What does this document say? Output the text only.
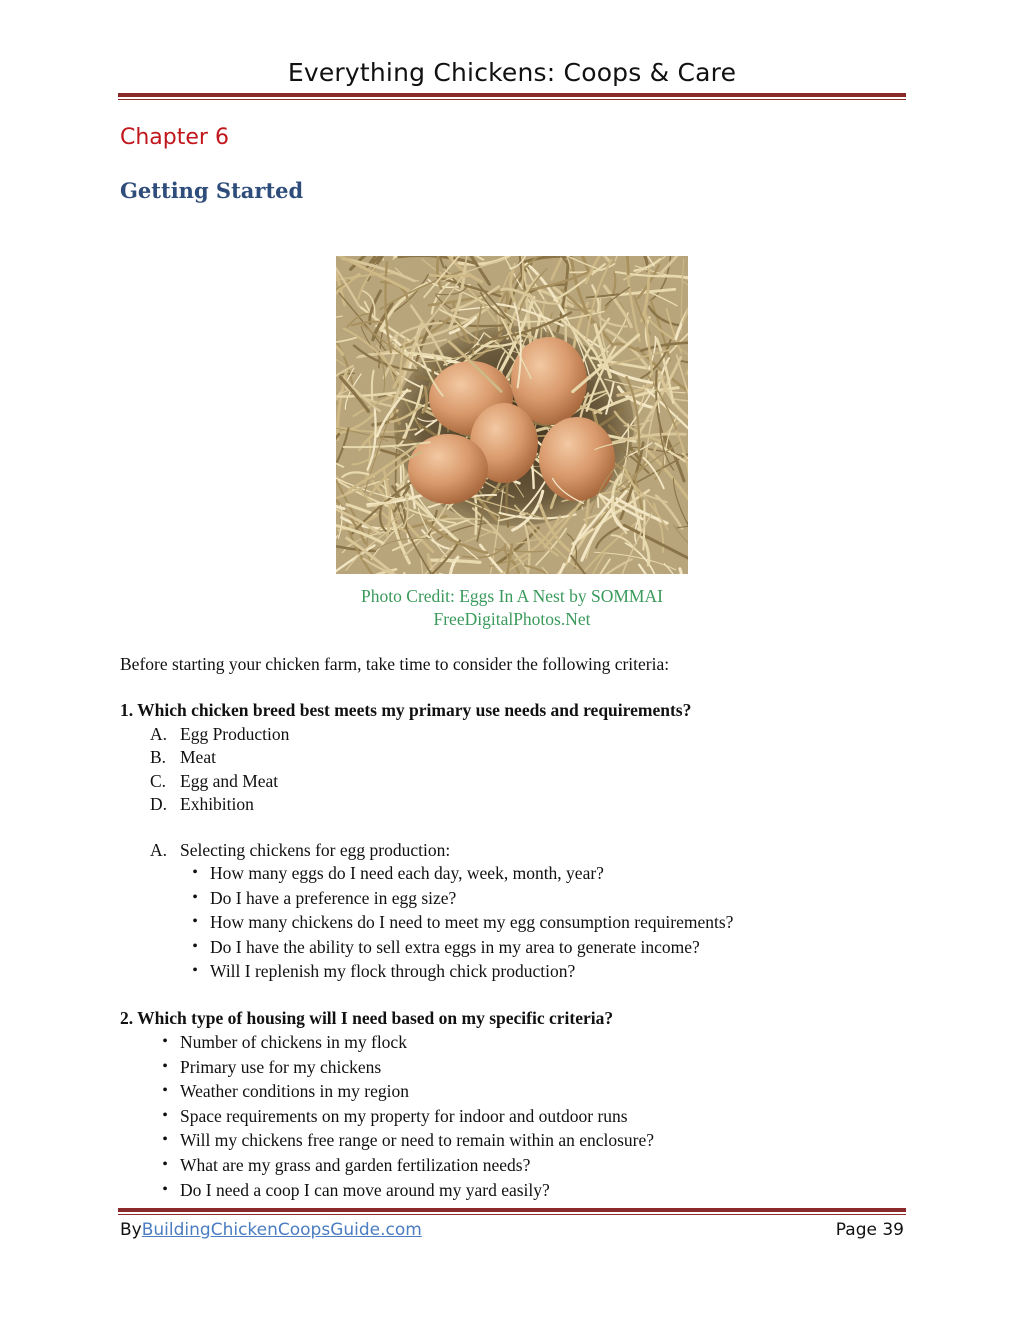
Everything Chickens: Coops & Care
Chapter 6
Getting Started
Photo Credit: Eggs In A Nest by SOMMAI
FreeDigitalPhotos.Net
Before starting your chicken farm, take time to consider the following criteria:
1. Which chicken breed best meets my primary use needs and requirements?
A. Egg Production
B. Meat
C. Egg and Meat
D. Exhibition
A. Selecting chickens for egg production:
• How many eggs do I need each day, week, month, year?
• Do I have a preference in egg size?
• How many chickens do I need to meet my egg consumption requirements?
• Do I have the ability to sell extra eggs in my area to generate income?
• Will I replenish my flock through chick production?
2. Which type of housing will I need based on my specific criteria?
• Number of chickens in my flock
• Primary use for my chickens
• Weather conditions in my region
• Space requirements on my property for indoor and outdoor runs
• Will my chickens free range or need to remain within an enclosure?
• What are my grass and garden fertilization needs?
• Do I need a coop I can move around my yard easily?
ByBuildingChickenCoopsGuide.com	Page 39
